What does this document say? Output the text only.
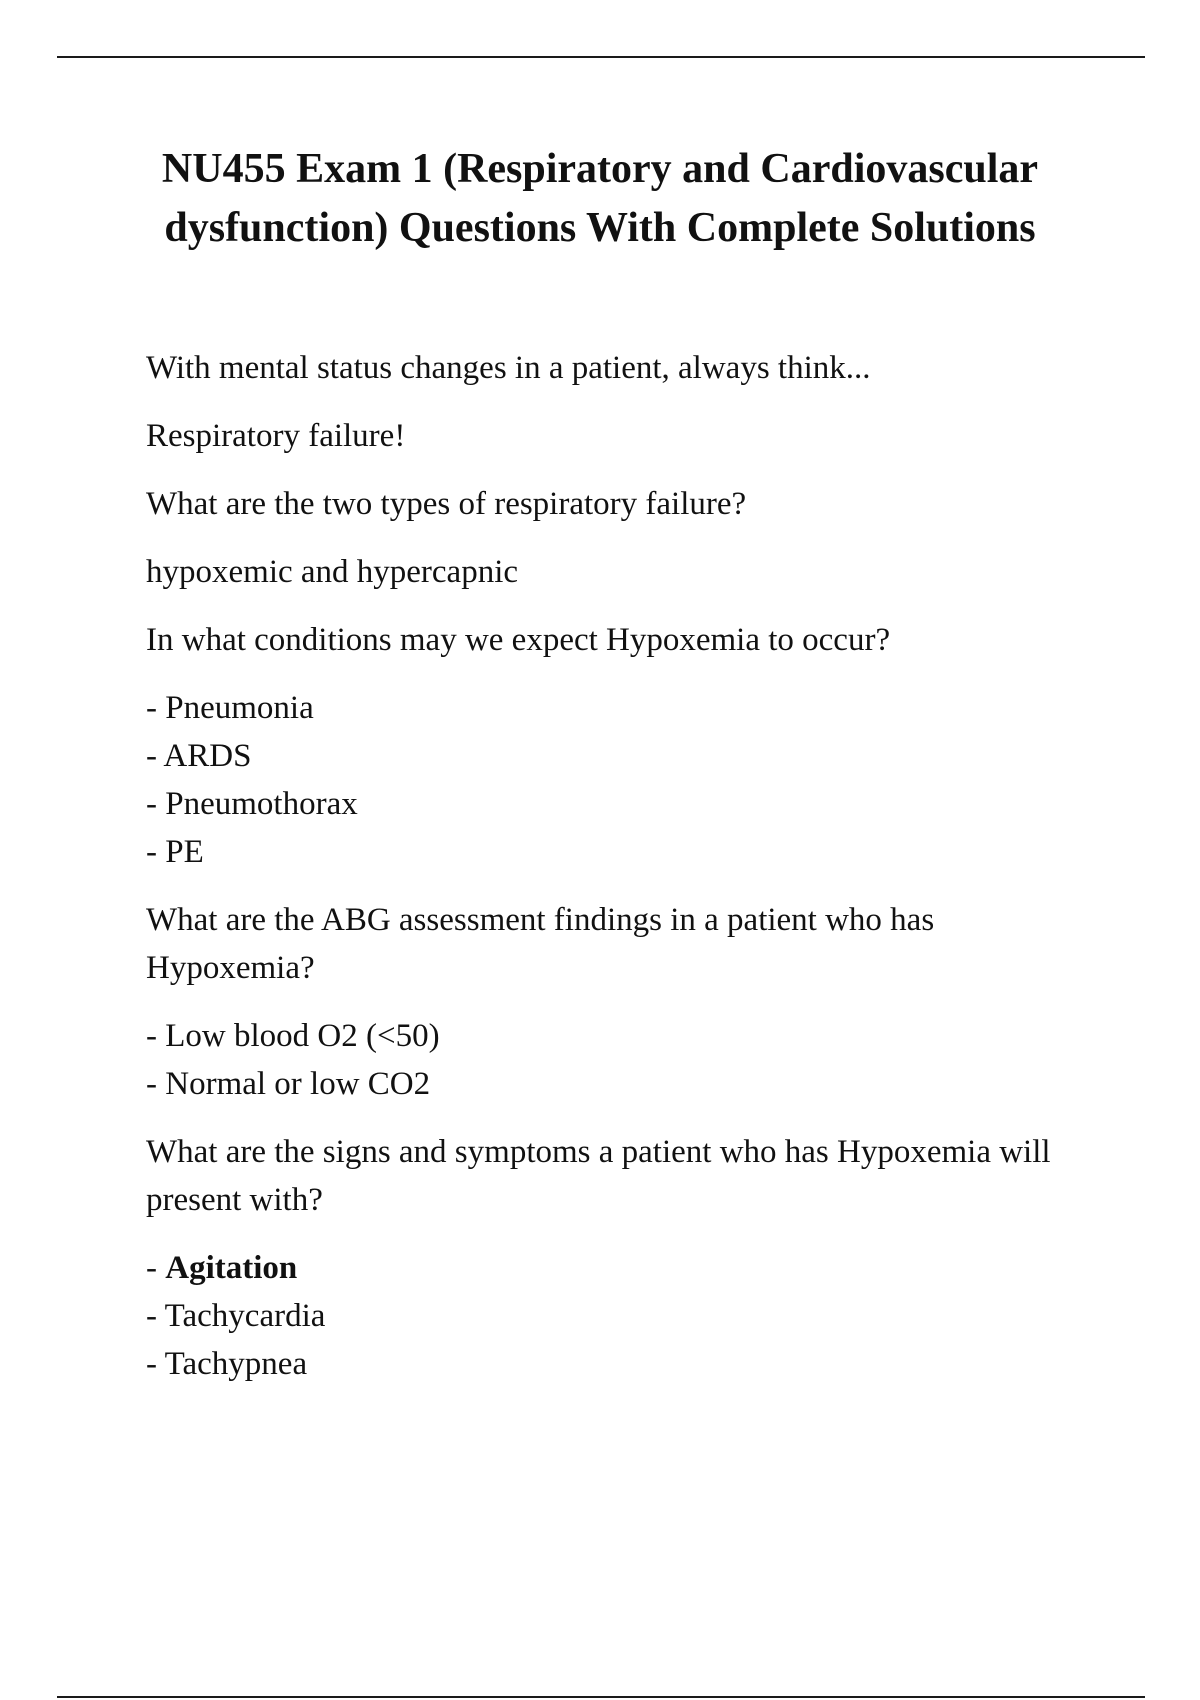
NU455 Exam 1 (Respiratory and Cardiovascular
dysfunction) Questions With Complete Solutions

With mental status changes in a patient, always think...

Respiratory failure!

What are the two types of respiratory failure?

hypoxemic and hypercapnic

In what conditions may we expect Hypoxemia to occur?

- Pneumonia
- ARDS
- Pneumothorax
- PE

What are the ABG assessment findings in a patient who has Hypoxemia?

- Low blood O2 (<50)
- Normal or low CO2

What are the signs and symptoms a patient who has Hypoxemia will present with?

- Agitation
- Tachycardia
- Tachypnea
